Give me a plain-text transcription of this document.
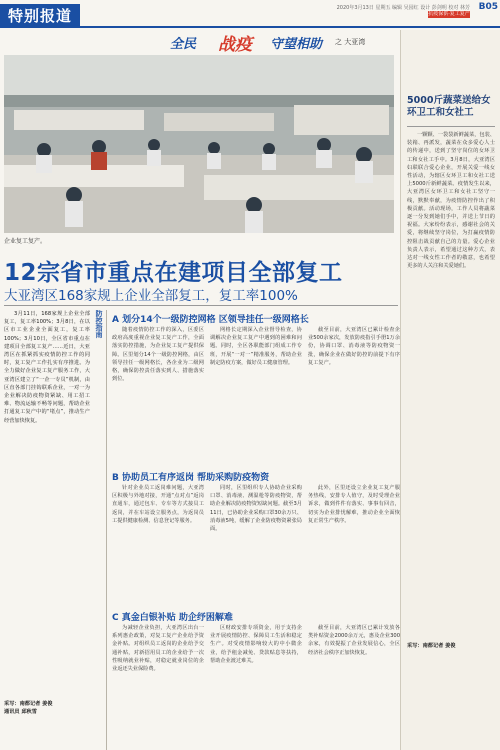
特别报道	2020年3月13日 星期五 编辑 吴园红 设计 彭剑明 校对 林芳
抗疫保供·复工复产
B05
全民 战疫 守望相助 之 大亚湾
企业复工复产。
12宗省市重点在建项目全部复工
大亚湾区168家规上企业全部复工，复工率100%
3月11日，168家规上企业全部复工，复工率100%；3月8日，在以区市工业企业全面复工，复工率100%；3月10日，全区省市重点在建项目全部复工复产……近日，大亚湾区在抓紧抓实疫情防控工作的同时，复工复产工作扎实有序推进。为全力做好企业复工复产服务工作，大亚湾区建立了“一企一专员”机制，由区直各部门挂钩联系企业，一对一为企业解决防疫物资紧缺、用工招工难、物流运输不畅等问题，帮助企业打通复工复产中的“堵点”，推动生产经营加快恢复。
采写：南都记者 姜俊
通讯员 邱秋雪
防控指南 A 划分14个一级防控网格 区领导挂任一级网格长
随着疫情防控工作的深入，区委区政府高度重视企业复工复产工作，全面落实防控措施，为企业复工复产提供保障。区里划分14个一级防控网格，由区领导挂任一级网格长，各企业为二级网格，确保防控责任落实到人、措施落实到位。
网格长定期深入企业督导检查，协调解决企业复工复产中遇到的困难和问题。同时，全区各职能部门组成工作专班，开展“一对一”精准服务，帮助企业制定防疫方案，做好员工健康管理。
截至目前，大亚湾区已累计检查企业500余家次，发放防疫指引手册1万余份，协调口罩、消毒液等防疫物资一批，确保企业在做好防控的前提下有序复工复产。
B 协助员工有序返岗 帮助采购防疫物资
针对企业员工返岗难问题，大亚湾区积极与外地对接，开通“点对点”返岗直通车，通过包车、专车等方式接员工返岗，并在车站设立服务点，为返岗员工提供健康检测、信息登记等服务。
同时，区里组织专人协助企业采购口罩、消毒液、测温枪等防疫物资，帮助企业解决防疫物资短缺问题。截至3月11日，已协助企业采购口罩30余万只、消毒液5吨，缓解了企业防疫物资紧张局面。
此外，区里还设立企业复工复产服务热线，安排专人值守，及时受理企业诉求，做到件件有落实、事事有回音，切实为企业排忧解难，推动企业全面恢复正常生产秩序。
C 真金白银补贴 助企纾困解难
为减轻企业负担，大亚湾区出台一系列惠企政策，对复工复产企业给予资金补贴。对组织员工返岗的企业给予交通补贴，对新招用员工的企业给予一次性吸纳就业补贴，对稳定就业岗位的企业返还失业保险费。
区财政安排专项资金，用于支持企业开展疫情防控、保障员工生活和稳定生产。对受疫情影响较大的中小微企业，给予租金减免、贷款贴息等扶持，帮助企业渡过难关。
截至目前，大亚湾区已累计发放各类补贴资金2000余万元，惠及企业300余家，有效提振了企业发展信心，全区经济社会秩序正加快恢复。
5000斤蔬菜送给女环卫工和女社工
一颗颗、一袋袋新鲜蔬菜，包装、装箱、再派发，蔬菜在众多爱心人士的传递中，送到了坚守岗位的女环卫工和女社工手中。3月8日，大亚湾区妇联联合爱心企业，开展关爱一线女性活动，为辖区女环卫工和女社工送上5000斤新鲜蔬菜。疫情发生以来，大亚湾区女环卫工和女社工坚守一线，默默奉献，为疫情防控作出了积极贡献。活动现场，工作人员将蔬菜逐一分发到她们手中，并送上节日的祝福。大家纷纷表示，感谢社会的关爱，将继续坚守岗位，为打赢疫情防控阻击战贡献自己的力量。爱心企业负责人表示，希望通过这种方式，表达对一线女性工作者的敬意，也希望更多的人关注和关爱她们。
采写：南都记者 姜俊
